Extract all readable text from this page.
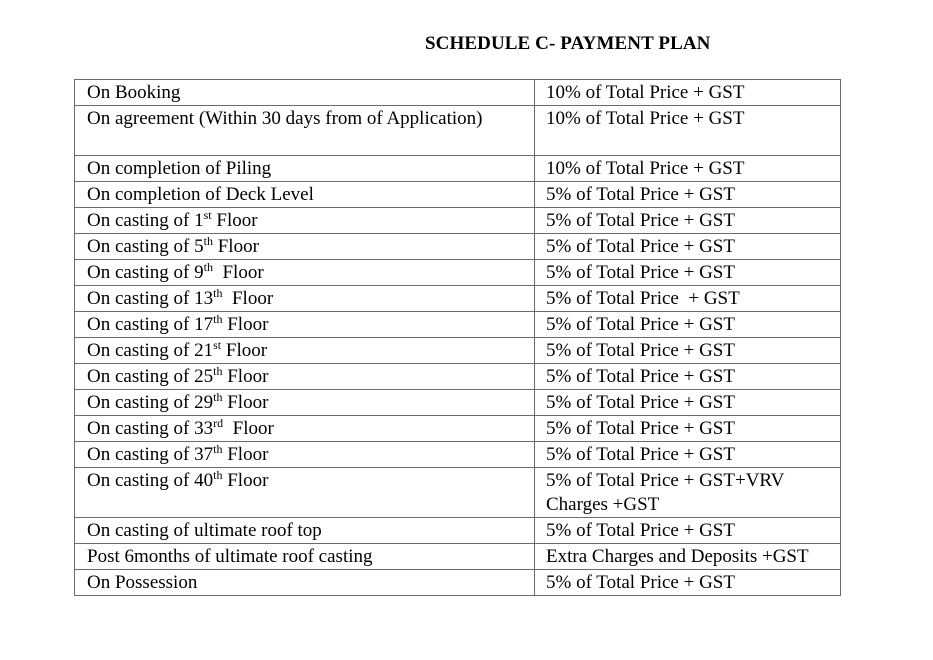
SCHEDULE C- PAYMENT PLAN
On Booking	10% of Total Price + GST
On agreement (Within 30 days from of Application)	10% of Total Price + GST
On completion of Piling	10% of Total Price + GST
On completion of Deck Level	5% of Total Price + GST
On casting of 1st Floor	5% of Total Price + GST
On casting of 5th Floor	5% of Total Price + GST
On casting of 9th  Floor	5% of Total Price + GST
On casting of 13th  Floor	5% of Total Price  + GST
On casting of 17th Floor	5% of Total Price + GST
On casting of 21st Floor	5% of Total Price + GST
On casting of 25th Floor	5% of Total Price + GST
On casting of 29th Floor	5% of Total Price + GST
On casting of 33rd  Floor	5% of Total Price + GST
On casting of 37th Floor	5% of Total Price + GST
On casting of 40th Floor	5% of Total Price + GST+VRV Charges +GST
On casting of ultimate roof top	5% of Total Price + GST
Post 6months of ultimate roof casting	Extra Charges and Deposits +GST
On Possession	5% of Total Price + GST
